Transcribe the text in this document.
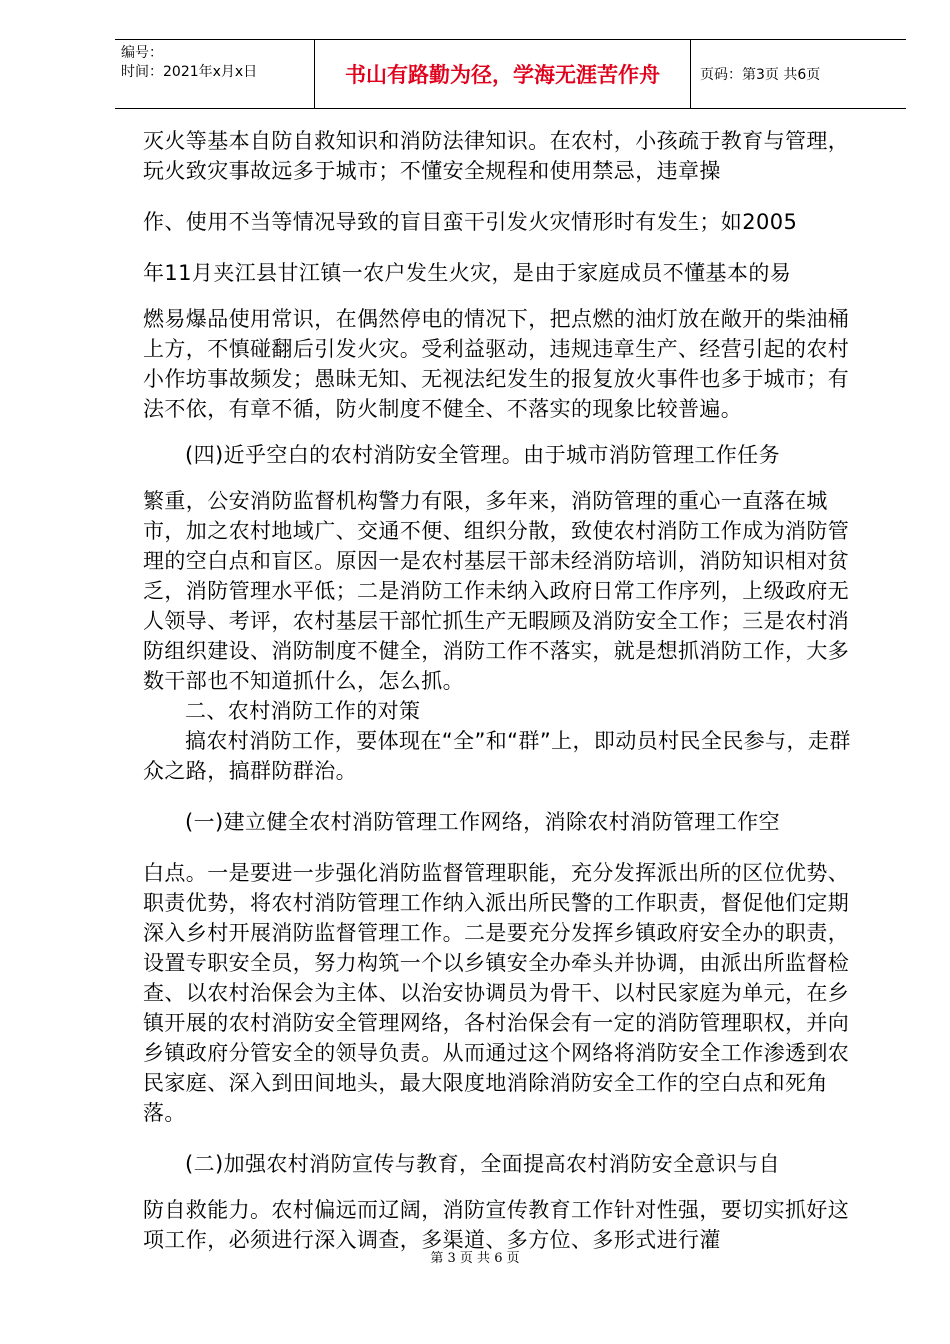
编号：
时间：2021年x月x日	书山有路勤为径，学海无涯苦作舟	页码：第3页 共6页

灭火等基本自防自救知识和消防法律知识。在农村，小孩疏于教育与管理，玩火致灾事故远多于城市；不懂安全规程和使用禁忌，违章操

作、使用不当等情况导致的盲目蛮干引发火灾情形时有发生；如2005

年11月夹江县甘江镇一农户发生火灾，是由于家庭成员不懂基本的易

燃易爆品使用常识，在偶然停电的情况下，把点燃的油灯放在敞开的柴油桶上方，不慎碰翻后引发火灾。受利益驱动，违规违章生产、经营引起的农村小作坊事故频发；愚昧无知、无视法纪发生的报复放火事件也多于城市；有法不依，有章不循，防火制度不健全、不落实的现象比较普遍。

(四)近乎空白的农村消防安全管理。由于城市消防管理工作任务

繁重，公安消防监督机构警力有限，多年来，消防管理的重心一直落在城市，加之农村地域广、交通不便、组织分散，致使农村消防工作成为消防管理的空白点和盲区。原因一是农村基层干部未经消防培训，消防知识相对贫乏，消防管理水平低；二是消防工作未纳入政府日常工作序列，上级政府无人领导、考评，农村基层干部忙抓生产无暇顾及消防安全工作；三是农村消防组织建设、消防制度不健全，消防工作不落实，就是想抓消防工作，大多数干部也不知道抓什么，怎么抓。

二、农村消防工作的对策

搞农村消防工作，要体现在“全”和“群”上，即动员村民全民参与，走群众之路，搞群防群治。

(一)建立健全农村消防管理工作网络，消除农村消防管理工作空

白点。一是要进一步强化消防监督管理职能，充分发挥派出所的区位优势、职责优势，将农村消防管理工作纳入派出所民警的工作职责，督促他们定期深入乡村开展消防监督管理工作。二是要充分发挥乡镇政府安全办的职责，设置专职安全员，努力构筑一个以乡镇安全办牵头并协调，由派出所监督检查、以农村治保会为主体、以治安协调员为骨干、以村民家庭为单元，在乡镇开展的农村消防安全管理网络，各村治保会有一定的消防管理职权，并向乡镇政府分管安全的领导负责。从而通过这个网络将消防安全工作渗透到农民家庭、深入到田间地头，最大限度地消除消防安全工作的空白点和死角落。

(二)加强农村消防宣传与教育，全面提高农村消防安全意识与自

防自救能力。农村偏远而辽阔，消防宣传教育工作针对性强，要切实抓好这项工作，必须进行深入调查，多渠道、多方位、多形式进行灌

第 3 页 共 6 页
